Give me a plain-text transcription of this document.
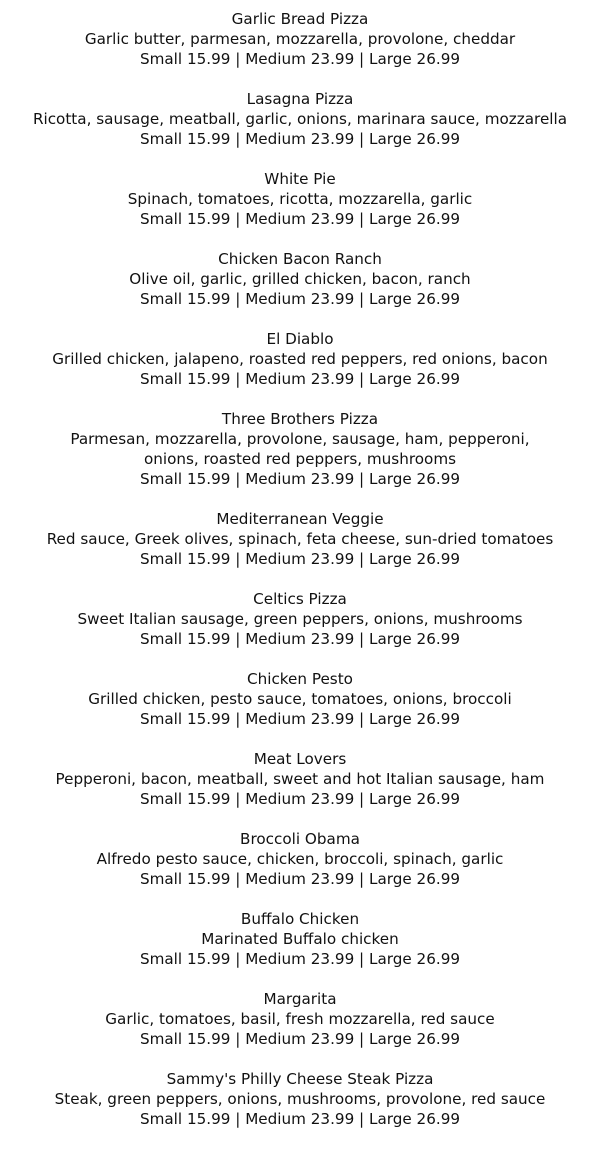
Garlic Bread Pizza
Garlic butter, parmesan, mozzarella, provolone, cheddar
Small 15.99 | Medium 23.99 | Large 26.99
Lasagna Pizza
Ricotta, sausage, meatball, garlic, onions, marinara sauce, mozzarella
Small 15.99 | Medium 23.99 | Large 26.99
White Pie
Spinach, tomatoes, ricotta, mozzarella, garlic
Small 15.99 | Medium 23.99 | Large 26.99
Chicken Bacon Ranch
Olive oil, garlic, grilled chicken, bacon, ranch
Small 15.99 | Medium 23.99 | Large 26.99
El Diablo
Grilled chicken, jalapeno, roasted red peppers, red onions, bacon
Small 15.99 | Medium 23.99 | Large 26.99
Three Brothers Pizza
Parmesan, mozzarella, provolone, sausage, ham, pepperoni,
onions, roasted red peppers, mushrooms
Small 15.99 | Medium 23.99 | Large 26.99
Mediterranean Veggie
Red sauce, Greek olives, spinach, feta cheese, sun-dried tomatoes
Small 15.99 | Medium 23.99 | Large 26.99
Celtics Pizza
Sweet Italian sausage, green peppers, onions, mushrooms
Small 15.99 | Medium 23.99 | Large 26.99
Chicken Pesto
Grilled chicken, pesto sauce, tomatoes, onions, broccoli
Small 15.99 | Medium 23.99 | Large 26.99
Meat Lovers
Pepperoni, bacon, meatball, sweet and hot Italian sausage, ham
Small 15.99 | Medium 23.99 | Large 26.99
Broccoli Obama
Alfredo pesto sauce, chicken, broccoli, spinach, garlic
Small 15.99 | Medium 23.99 | Large 26.99
Buffalo Chicken
Marinated Buffalo chicken
Small 15.99 | Medium 23.99 | Large 26.99
Margarita
Garlic, tomatoes, basil, fresh mozzarella, red sauce
Small 15.99 | Medium 23.99 | Large 26.99
Sammy's Philly Cheese Steak Pizza
Steak, green peppers, onions, mushrooms, provolone, red sauce
Small 15.99 | Medium 23.99 | Large 26.99
